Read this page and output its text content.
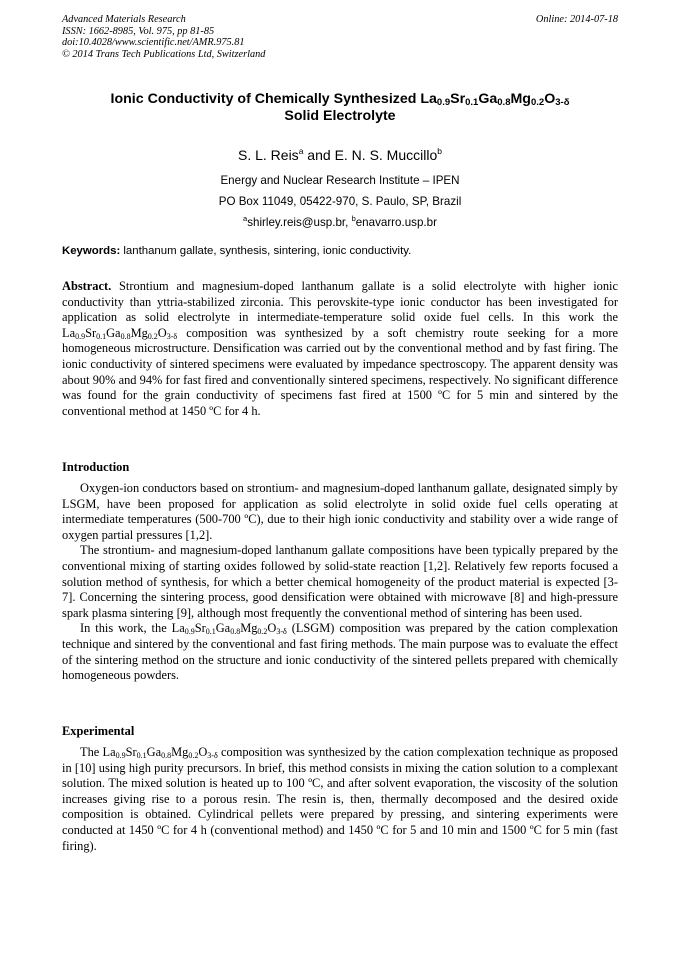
Advanced Materials Research
ISSN: 1662-8985, Vol. 975, pp 81-85
doi:10.4028/www.scientific.net/AMR.975.81
© 2014 Trans Tech Publications Ltd, Switzerland
Online: 2014-07-18
Ionic Conductivity of Chemically Synthesized $La_{0.9}Sr_{0.1}Ga_{0.8}Mg_{0.2}O_{3-\delta}$
Solid Electrolyte
S. L. Reis$^a$ and E. N. S. Muccillo$^b$
Energy and Nuclear Research Institute – IPEN
PO Box 11049, 05422-970, S. Paulo, SP, Brazil
$^a$shirley.reis@usp.br, $^b$enavarro.usp.br
Keywords: lanthanum gallate, synthesis, sintering, ionic conductivity.

Abstract. Strontium and magnesium-doped lanthanum gallate is a solid electrolyte with higher ionic conductivity than yttria-stabilized zirconia. This perovskite-type ionic conductor has been investigated for application as solid electrolyte in intermediate-temperature solid oxide fuel cells. In this work the $La_{0.9}Sr_{0.1}Ga_{0.8}Mg_{0.2}O_{3-\delta}$ composition was synthesized by a soft chemistry route seeking for a more homogeneous microstructure. Densification was carried out by the conventional method and by fast firing. The ionic conductivity of sintered specimens were evaluated by impedance spectroscopy. The apparent density was about 90% and 94% for fast fired and conventionally sintered specimens, respectively. No significant difference was found for the grain conductivity of specimens fast fired at 1500 ºC for 5 min and sintered by the conventional method at 1450 ºC for 4 h.

Introduction

Oxygen-ion conductors based on strontium- and magnesium-doped lanthanum gallate, designated simply by LSGM, have been proposed for application as solid electrolyte in solid oxide fuel cells operating at intermediate temperatures (500-700 ºC), due to their high ionic conductivity and stability over a wide range of oxygen partial pressures [1,2].

The strontium- and magnesium-doped lanthanum gallate compositions have been typically prepared by the conventional mixing of starting oxides followed by solid-state reaction [1,2]. Relatively few reports focused a solution method of synthesis, for which a better chemical homogeneity of the product material is expected [3-7]. Concerning the sintering process, good densification were obtained with microwave [8] and high-pressure spark plasma sintering [9], although most frequently the conventional method of sintering has been used.

In this work, the $La_{0.9}Sr_{0.1}Ga_{0.8}Mg_{0.2}O_{3-\delta}$ (LSGM) composition was prepared by the cation complexation technique and sintered by the conventional and fast firing methods. The main purpose was to evaluate the effect of the sintering method on the structure and ionic conductivity of the sintered pellets prepared with chemically homogeneous powders.

Experimental

The $La_{0.9}Sr_{0.1}Ga_{0.8}Mg_{0.2}O_{3-\delta}$ composition was synthesized by the cation complexation technique as proposed in [10] using high purity precursors. In brief, this method consists in mixing the cation solution to a complexant solution. The mixed solution is heated up to 100 ºC, and after solvent evaporation, the viscosity of the solution increases giving rise to a porous resin. The resin is, then, thermally decomposed and the desired oxide composition is obtained. Cylindrical pellets were prepared by pressing, and sintering experiments were conducted at 1450 ºC for 4 h (conventional method) and 1450 ºC for 5 and 10 min and 1500 ºC for 5 min (fast firing).
